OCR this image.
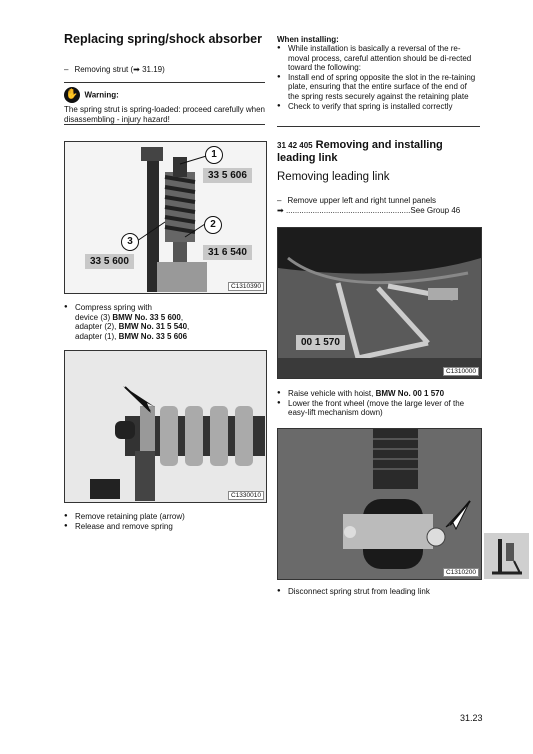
Replacing spring/shock absorber
– Removing strut (➡ 31.19)
✋ Warning:
The spring strut is spring-loaded: proceed carefully when disassembling - injury hazard!
1
33 5 606
2
3
31 6 540
33 5 600
C1310390
● Compress spring with
device (3) BMW No. 33 5 600,
adapter (2), BMW No. 31 5 540,
adapter (1), BMW No. 33 5 606
C1330010
● Remove retaining plate (arrow)
● Release and remove spring
When installing:
● While installation is basically a reversal of the re-moval process, careful attention should be di-rected toward the following:
● Install end of spring opposite the slot in the re-taining plate, ensuring that the entire surface of the end of the spring rests securely against the retaining plate
● Check to verify that spring is installed correctly
31 42 405 Removing and installing
leading link
Removing leading link
– Remove upper left and right tunnel panels
➡ ........................................................See Group 46
00 1 570
C1310000
● Raise vehicle with hoist, BMW No. 00 1 570
● Lower the front wheel (move the large lever of the easy-lift mechanism down)
C1310200
● Disconnect spring strut from leading link
31.23
